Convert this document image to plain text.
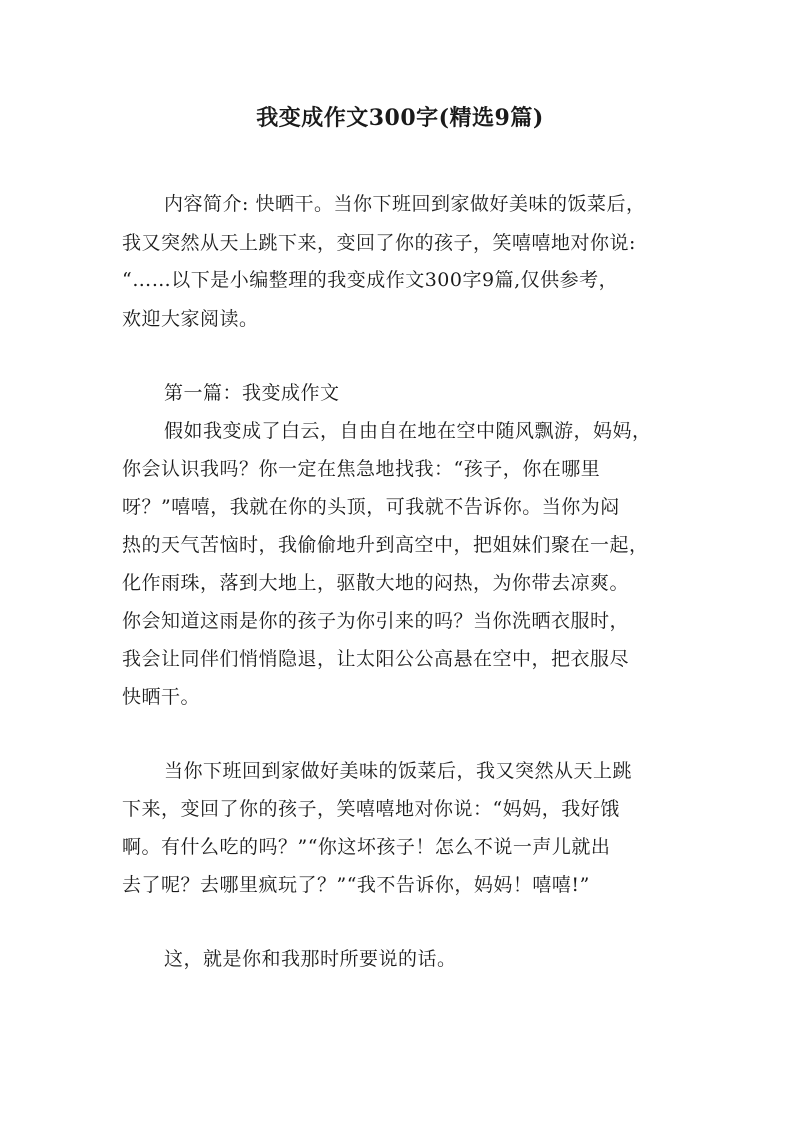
我变成作文300字(精选9篇)
内容简介: 快晒干。当你下班回到家做好美味的饭菜后，
我又突然从天上跳下来，变回了你的孩子，笑嘻嘻地对你说:
“……以下是小编整理的我变成作文300字9篇,仅供参考，
欢迎大家阅读。
第一篇：我变成作文
假如我变成了白云，自由自在地在空中随风飘游，妈妈，
你会认识我吗？你一定在焦急地找我：“孩子，你在哪里
呀？”嘻嘻，我就在你的头顶，可我就不告诉你。当你为闷
热的天气苦恼时，我偷偷地升到高空中，把姐妹们聚在一起，
化作雨珠，落到大地上，驱散大地的闷热，为你带去凉爽。
你会知道这雨是你的孩子为你引来的吗？当你洗晒衣服时，
我会让同伴们悄悄隐退，让太阳公公高悬在空中，把衣服尽
快晒干。
当你下班回到家做好美味的饭菜后，我又突然从天上跳
下来，变回了你的孩子，笑嘻嘻地对你说：“妈妈，我好饿
啊。有什么吃的吗？”“你这坏孩子！怎么不说一声儿就出
去了呢？去哪里疯玩了？”“我不告诉你，妈妈！嘻嘻!”
这，就是你和我那时所要说的话。
